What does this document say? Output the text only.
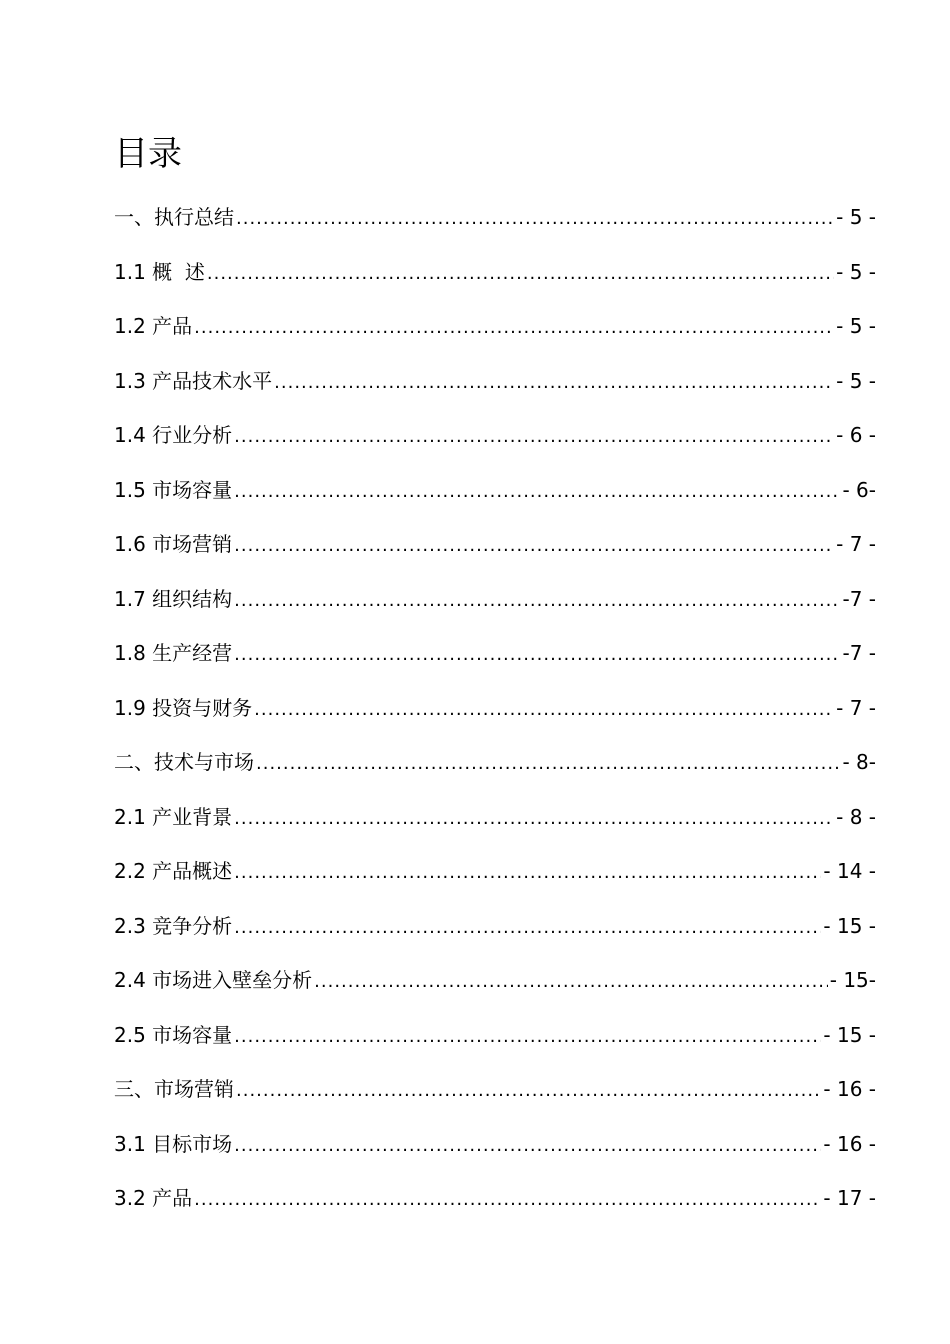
目录
一、执行总结 .....	- 5 -
1.1 概  述 .....	- 5 -
1.2 产品 .....	- 5 -
1.3 产品技术水平 .....	- 5 -
1.4 行业分析 .....	- 6 -
1.5 市场容量 .....	- 6-
1.6 市场营销 .....	- 7 -
1.7 组织结构 .....	-7 -
1.8 生产经营 .....	-7 -
1.9 投资与财务 .....	- 7 -
二、技术与市场 .....	- 8-
2.1 产业背景 .....	- 8 -
2.2 产品概述 .....	- 14 -
2.3 竞争分析 .....	- 15 -
2.4 市场进入壁垒分析 .....	- 15-
2.5 市场容量 .....	- 15 -
三、市场营销 .....	- 16 -
3.1 目标市场 .....	- 16 -
3.2 产品 .....	- 17 -
